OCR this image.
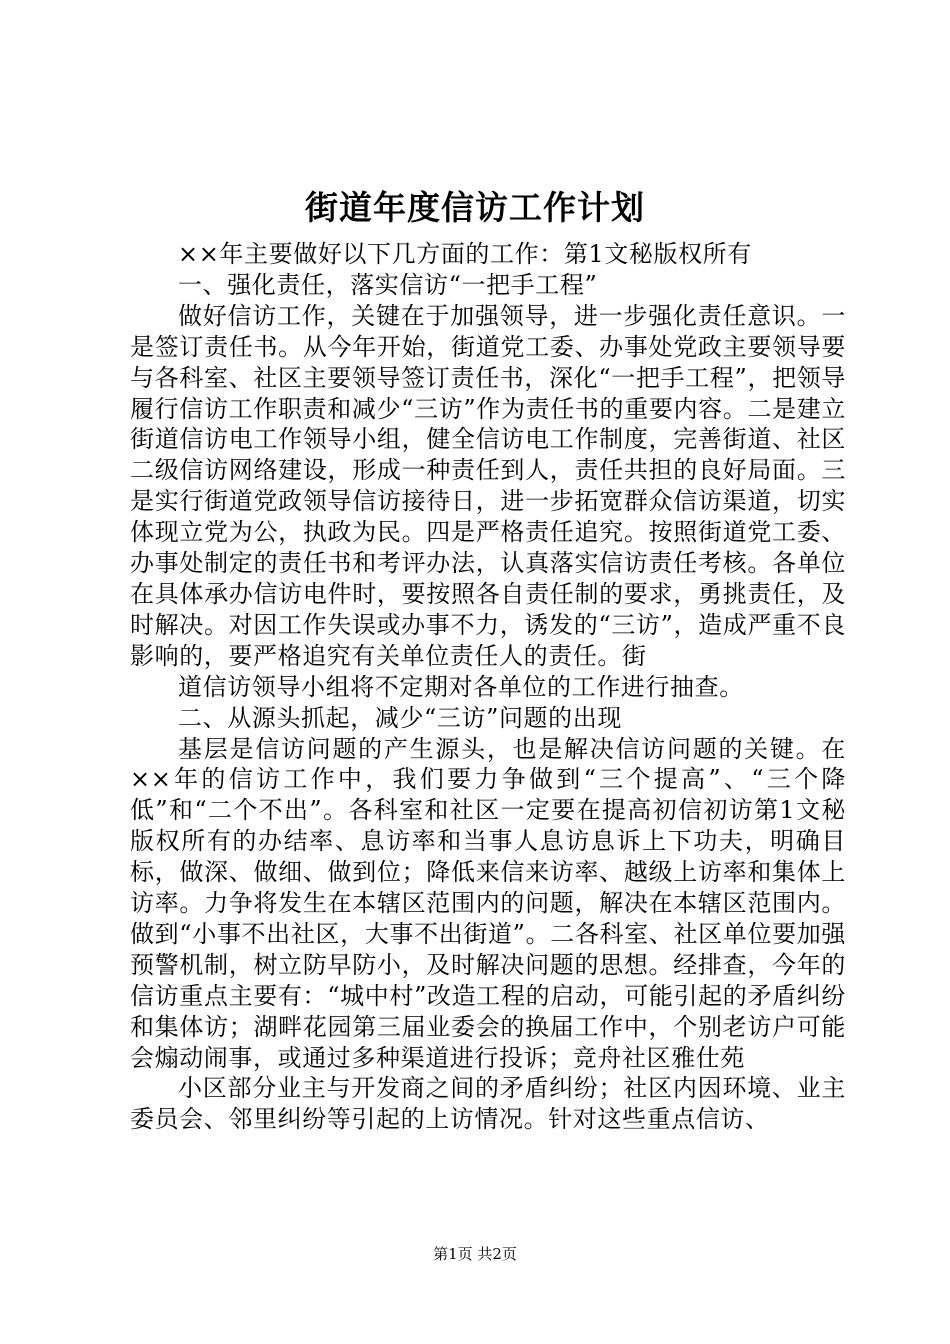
街道年度信访工作计划

××年主要做好以下几方面的工作：第1文秘版权所有

一、强化责任，落实信访“一把手工程”

做好信访工作，关键在于加强领导，进一步强化责任意识。一是签订责任书。从今年开始，街道党工委、办事处党政主要领导要与各科室、社区主要领导签订责任书，深化“一把手工程”，把领导履行信访工作职责和减少“三访”作为责任书的重要内容。二是建立街道信访电工作领导小组，健全信访电工作制度，完善街道、社区二级信访网络建设，形成一种责任到人，责任共担的良好局面。三是实行街道党政领导信访接待日，进一步拓宽群众信访渠道，切实体现立党为公，执政为民。四是严格责任追究。按照街道党工委、办事处制定的责任书和考评办法，认真落实信访责任考核。各单位在具体承办信访电件时，要按照各自责任制的要求，勇挑责任，及时解决。对因工作失误或办事不力，诱发的“三访”，造成严重不良影响的，要严格追究有关单位责任人的责任。街

道信访领导小组将不定期对各单位的工作进行抽查。

二、从源头抓起，减少“三访”问题的出现

基层是信访问题的产生源头，也是解决信访问题的关键。在××年的信访工作中，我们要力争做到“三个提高”、“三个降低”和“二个不出”。各科室和社区一定要在提高初信初访第1文秘版权所有的办结率、息访率和当事人息访息诉上下功夫，明确目标，做深、做细、做到位；降低来信来访率、越级上访率和集体上访率。力争将发生在本辖区范围内的问题，解决在本辖区范围内。做到“小事不出社区，大事不出街道”。二各科室、社区单位要加强预警机制，树立防早防小，及时解决问题的思想。经排查，今年的信访重点主要有：“城中村”改造工程的启动，可能引起的矛盾纠纷和集体访；湖畔花园第三届业委会的换届工作中，个别老访户可能会煽动闹事，或通过多种渠道进行投诉；竞舟社区雅仕苑

小区部分业主与开发商之间的矛盾纠纷；社区内因环境、业主委员会、邻里纠纷等引起的上访情况。针对这些重点信访、

第1页 共2页
